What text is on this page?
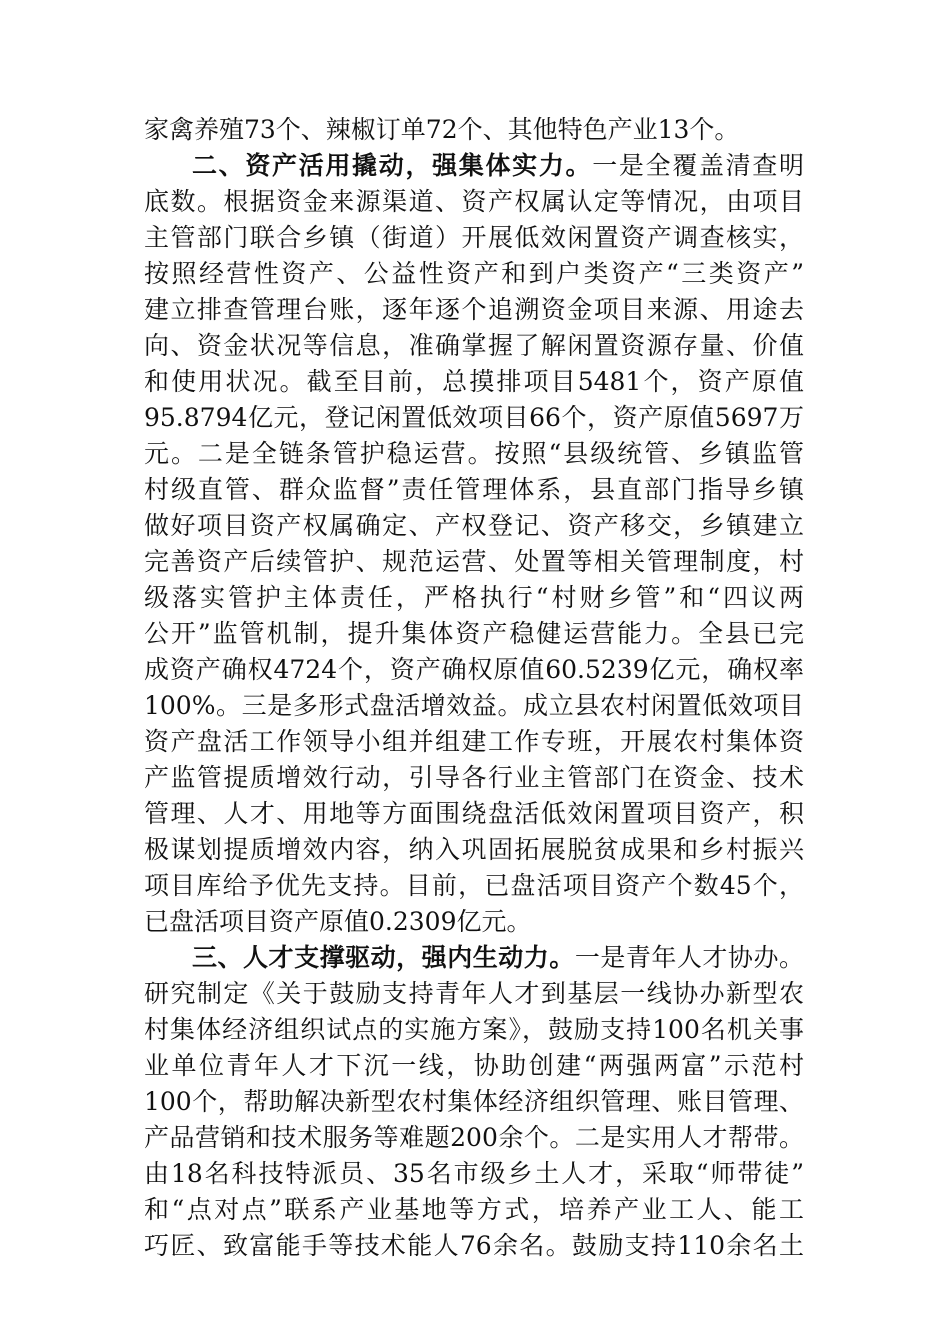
家禽养殖73个、辣椒订单72个、其他特色产业13个。
二、资产活用撬动，强集体实力。一是全覆盖清查明
底数。根据资金来源渠道、资产权属认定等情况，由项目
主管部门联合乡镇（街道）开展低效闲置资产调查核实，
按照经营性资产、公益性资产和到户类资产“三类资产”
建立排查管理台账，逐年逐个追溯资金项目来源、用途去
向、资金状况等信息，准确掌握了解闲置资源存量、价值
和使用状况。截至目前，总摸排项目5481个，资产原值
95.8794亿元，登记闲置低效项目66个，资产原值5697万
元。二是全链条管护稳运营。按照“县级统管、乡镇监管
村级直管、群众监督”责任管理体系，县直部门指导乡镇
做好项目资产权属确定、产权登记、资产移交，乡镇建立
完善资产后续管护、规范运营、处置等相关管理制度，村
级落实管护主体责任，严格执行“村财乡管”和“四议两
公开”监管机制，提升集体资产稳健运营能力。全县已完
成资产确权4724个，资产确权原值60.5239亿元，确权率
100%。三是多形式盘活增效益。成立县农村闲置低效项目
资产盘活工作领导小组并组建工作专班，开展农村集体资
产监管提质增效行动，引导各行业主管部门在资金、技术
管理、人才、用地等方面围绕盘活低效闲置项目资产，积
极谋划提质增效内容，纳入巩固拓展脱贫成果和乡村振兴
项目库给予优先支持。目前，已盘活项目资产个数45个，
已盘活项目资产原值0.2309亿元。
三、人才支撑驱动，强内生动力。一是青年人才协办。
研究制定《关于鼓励支持青年人才到基层一线协办新型农
村集体经济组织试点的实施方案》，鼓励支持100名机关事
业单位青年人才下沉一线，协助创建“两强两富”示范村
100个，帮助解决新型农村集体经济组织管理、账目管理、
产品营销和技术服务等难题200余个。二是实用人才帮带。
由18名科技特派员、35名市级乡土人才，采取“师带徒”
和“点对点”联系产业基地等方式，培养产业工人、能工
巧匠、致富能手等技术能人76余名。鼓励支持110余名土
